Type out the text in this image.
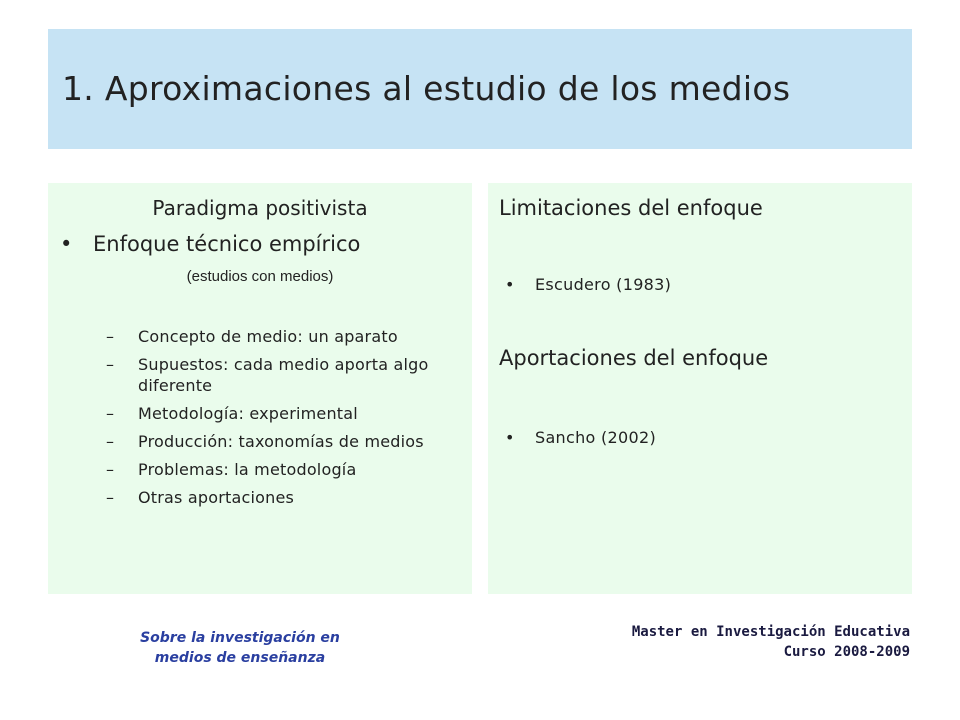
1. Aproximaciones al estudio de los medios
Paradigma positivista
• Enfoque técnico empírico
(estudios con medios)
– Concepto de medio: un aparato
– Supuestos: cada medio aporta algo diferente
– Metodología: experimental
– Producción: taxonomías de medios
– Problemas: la metodología
– Otras aportaciones
Limitaciones del enfoque
• Escudero (1983)
Aportaciones del enfoque
• Sancho (2002)
Sobre la investigación en
medios de enseñanza
Master en Investigación Educativa
Curso 2008-2009
